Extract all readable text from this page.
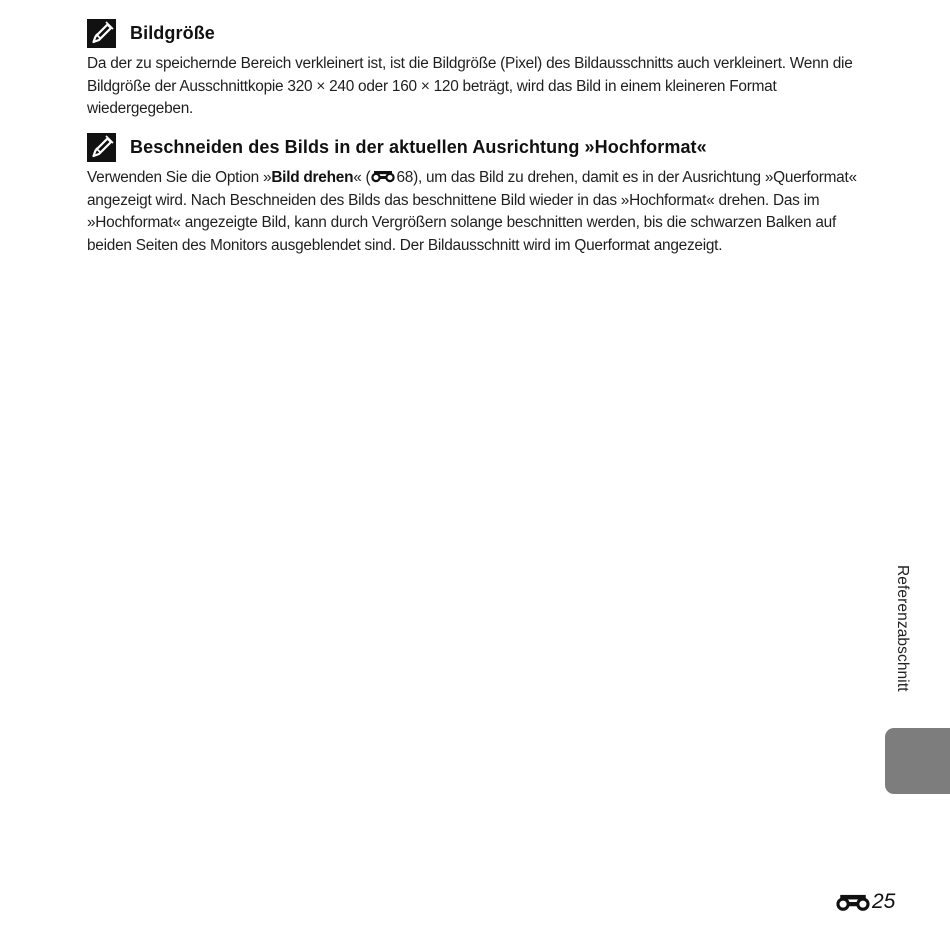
Bildgröße
Da der zu speichernde Bereich verkleinert ist, ist die Bildgröße (Pixel) des Bildausschnitts auch verkleinert. Wenn die Bildgröße der Ausschnittkopie 320 × 240 oder 160 × 120 beträgt, wird das Bild in einem kleineren Format wiedergegeben.
Beschneiden des Bilds in der aktuellen Ausrichtung »Hochformat«
Verwenden Sie die Option »Bild drehen« ( 68), um das Bild zu drehen, damit es in der Ausrichtung »Querformat« angezeigt wird. Nach Beschneiden des Bilds das beschnittene Bild wieder in das »Hochformat« drehen. Das im »Hochformat« angezeigte Bild, kann durch Vergrößern solange beschnitten werden, bis die schwarzen Balken auf beiden Seiten des Monitors ausgeblendet sind. Der Bildausschnitt wird im Querformat angezeigt.
Referenzabschnitt
25
